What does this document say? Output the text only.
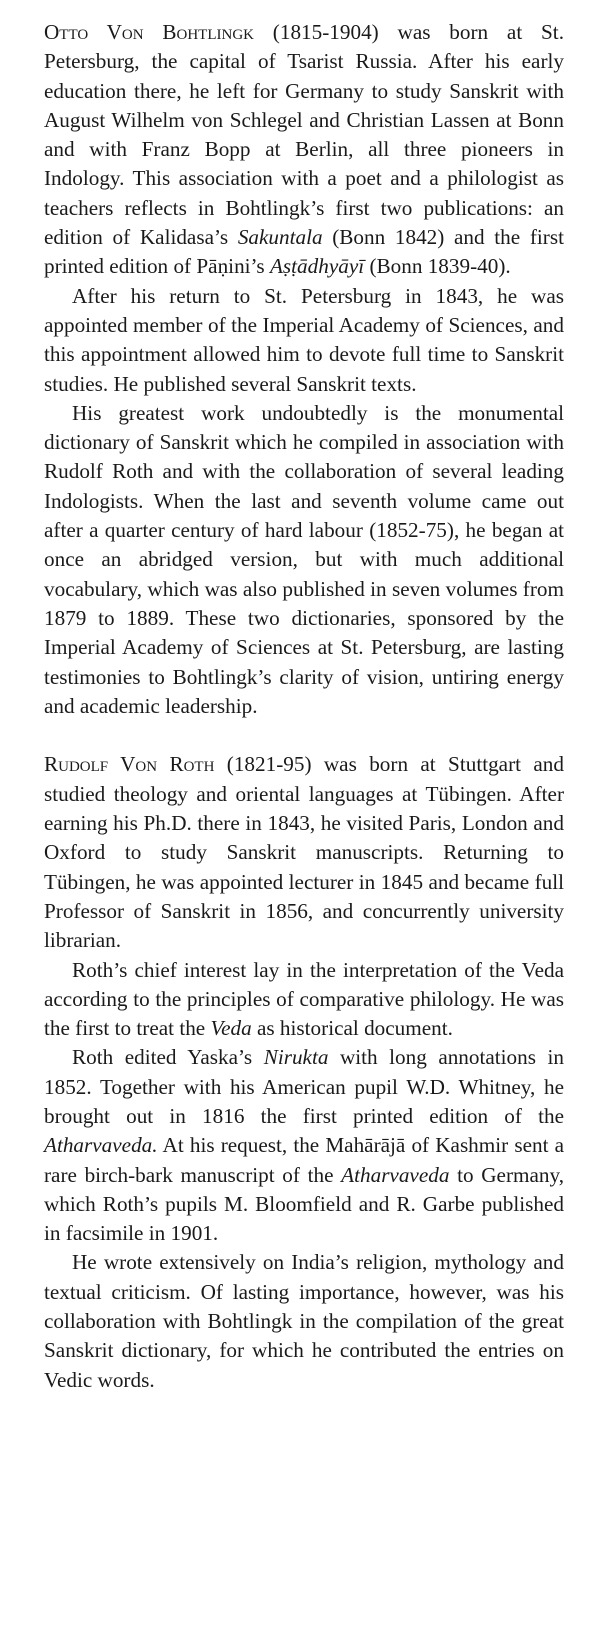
Otto Von Bohtlingk (1815-1904) was born at St. Petersburg, the capital of Tsarist Russia. After his early education there, he left for Germany to study Sanskrit with August Wilhelm von Schlegel and Christian Lassen at Bonn and with Franz Bopp at Berlin, all three pioneers in Indology. This association with a poet and a philologist as teachers reflects in Bohtlingk’s first two publications: an edition of Kalidasa’s Sakuntala (Bonn 1842) and the first printed edition of Pāṇini’s Aṣṭādhyāyī (Bonn 1839-40).

After his return to St. Petersburg in 1843, he was appointed member of the Imperial Academy of Sciences, and this appointment allowed him to devote full time to Sanskrit studies. He published several Sanskrit texts.

His greatest work undoubtedly is the monumental dictionary of Sanskrit which he compiled in association with Rudolf Roth and with the collaboration of several leading Indologists. When the last and seventh volume came out after a quarter century of hard labour (1852-75), he began at once an abridged version, but with much additional vocabulary, which was also published in seven volumes from 1879 to 1889. These two dictionaries, sponsored by the Imperial Academy of Sciences at St. Petersburg, are lasting testimonies to Bohtlingk’s clarity of vision, untiring energy and academic leadership.

Rudolf Von Roth (1821-95) was born at Stuttgart and studied theology and oriental languages at Tübingen. After earning his Ph.D. there in 1843, he visited Paris, London and Oxford to study Sanskrit manuscripts. Returning to Tübingen, he was appointed lecturer in 1845 and became full Professor of Sanskrit in 1856, and concurrently university librarian.

Roth’s chief interest lay in the interpretation of the Veda according to the principles of comparative philology. He was the first to treat the Veda as historical document.

Roth edited Yaska’s Nirukta with long annotations in 1852. Together with his American pupil W.D. Whitney, he brought out in 1816 the first printed edition of the Atharvaveda. At his request, the Mahārājā of Kashmir sent a rare birch-bark manuscript of the Atharvaveda to Germany, which Roth’s pupils M. Bloomfield and R. Garbe published in facsimile in 1901.

He wrote extensively on India’s religion, mythology and textual criticism. Of lasting importance, however, was his collaboration with Bohtlingk in the compilation of the great Sanskrit dictionary, for which he contributed the entries on Vedic words.
